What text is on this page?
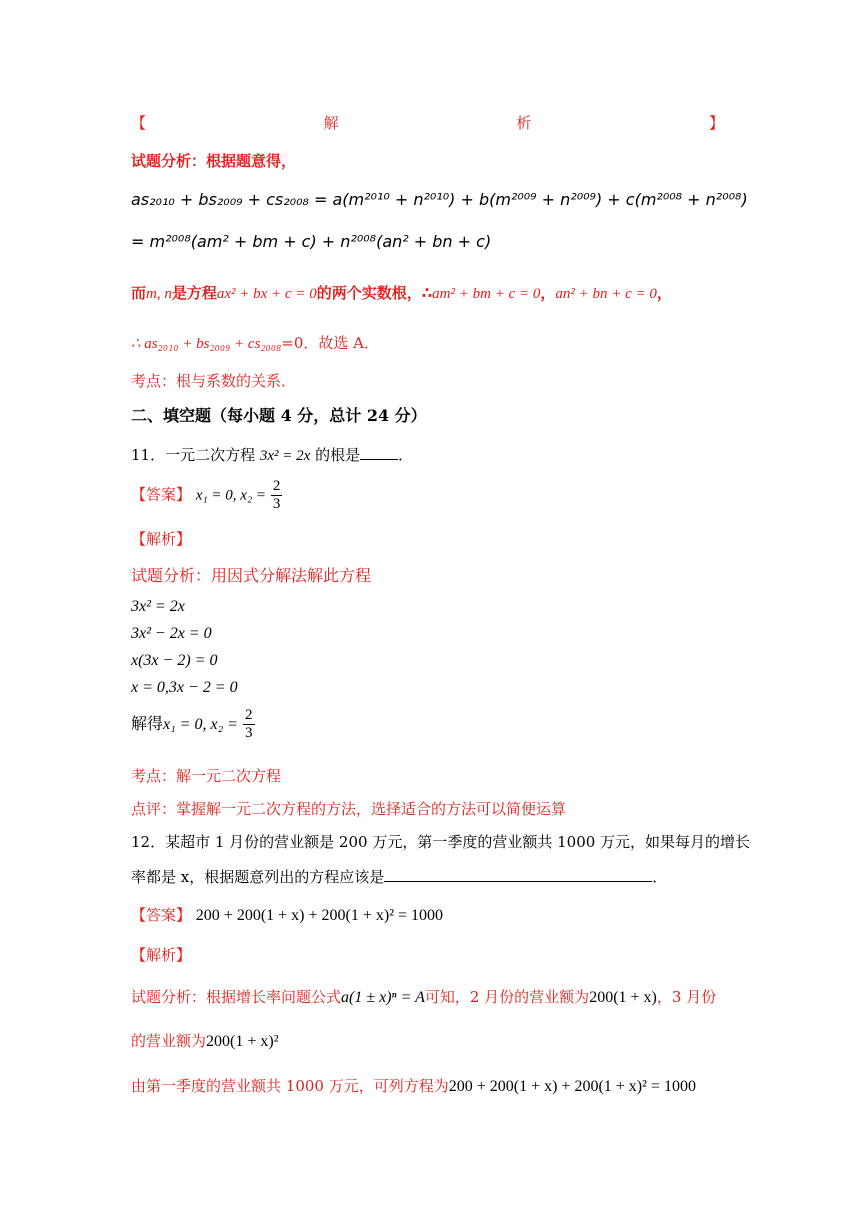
【	解	析	】
试题分析：根据题意得，
as₂₀₁₀ + bs₂₀₀₉ + cs₂₀₀₈ = a(m²⁰¹⁰ + n²⁰¹⁰) + b(m²⁰⁰⁹ + n²⁰⁰⁹) + c(m²⁰⁰⁸ + n²⁰⁰⁸)
= m²⁰⁰⁸(am² + bm + c) + n²⁰⁰⁸(an² + bn + c)
而m, n是方程ax² + bx + c = 0的两个实数根，∴am² + bm + c = 0，an² + bn + c = 0，
∴ as₂₀₁₀ + bs₂₀₀₉ + cs₂₀₀₈=0．故选 A．
考点：根与系数的关系．
二、填空题（每小题 4 分，总计 24 分）
11．一元二次方程 3x² = 2x 的根是	．
【答案】 x₁ = 0, $x_2 = \frac{2}{3}$
【解析】
试题分析：用因式分解法解此方程
3x² = 2x
3x² − 2x = 0
x(3x − 2) = 0
x = 0,3x − 2 = 0
解得x₁ = 0, $x_2 = \frac{2}{3}$
考点：解一元二次方程
点评：掌握解一元二次方程的方法，选择适合的方法可以简便运算
12．某超市 1 月份的营业额是 200 万元，第一季度的营业额共 1000 万元，如果每月的增长
率都是 x，根据题意列出的方程应该是	．
【答案】 200 + 200(1 + x) + 200(1 + x)² = 1000
【解析】
试题分析：根据增长率问题公式a(1 ± x)ⁿ = A可知，2 月份的营业额为200(1 + x)，3 月份
的营业额为200(1 + x)²
由第一季度的营业额共 1000 万元，可列方程为200 + 200(1 + x) + 200(1 + x)² = 1000
